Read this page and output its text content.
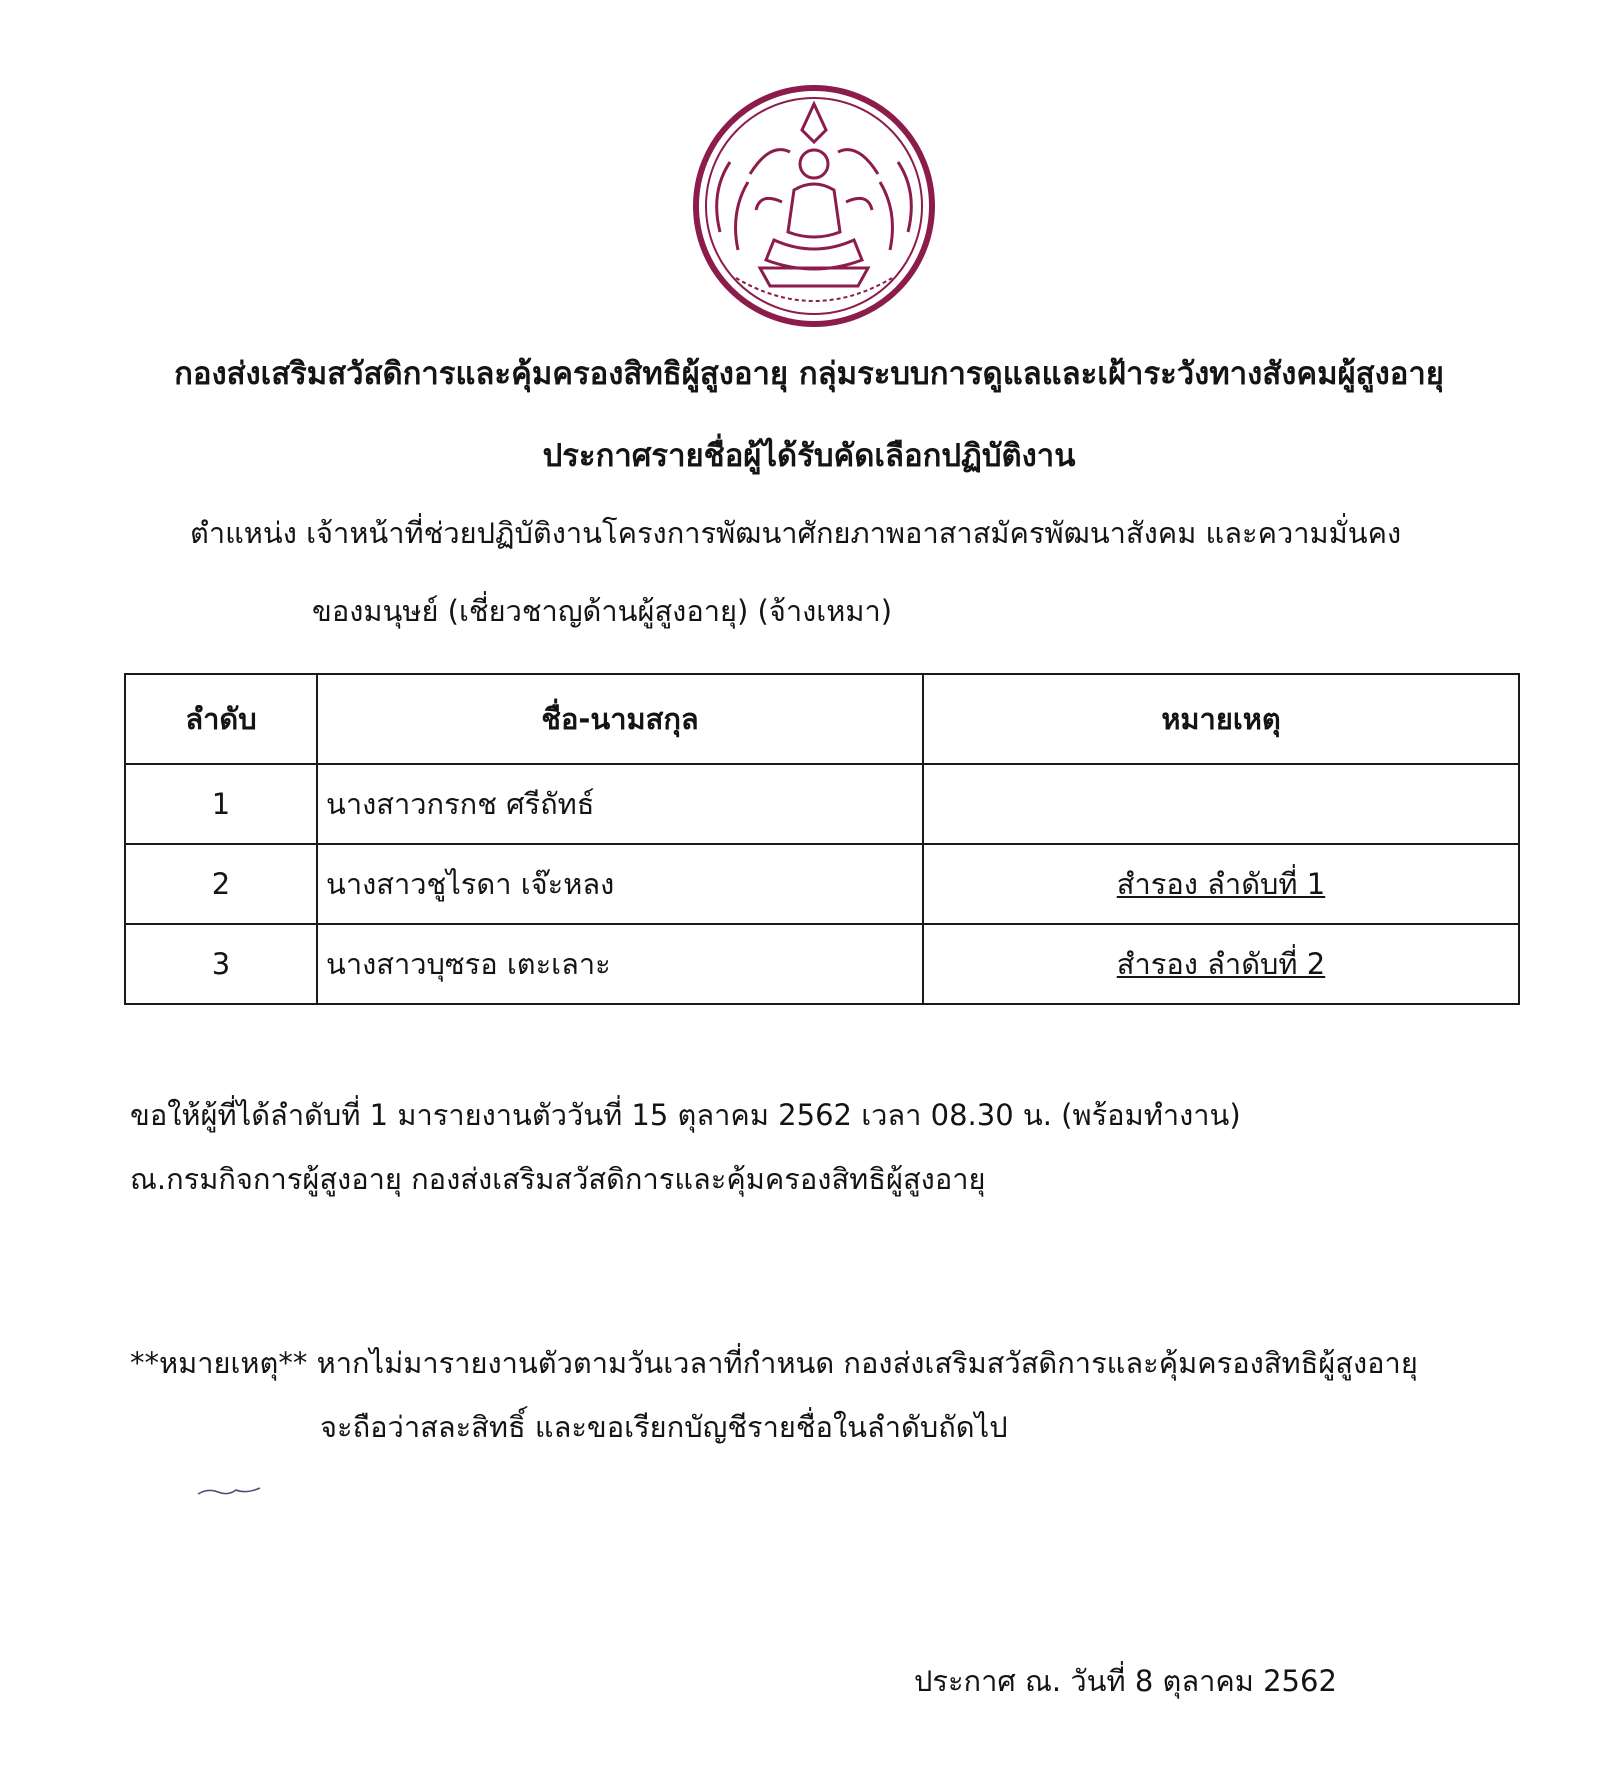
กองส่งเสริมสวัสดิการและคุ้มครองสิทธิผู้สูงอายุ กลุ่มระบบการดูแลและเฝ้าระวังทางสังคมผู้สูงอายุ
ประกาศรายชื่อผู้ได้รับคัดเลือกปฏิบัติงาน
ตำแหน่ง เจ้าหน้าที่ช่วยปฏิบัติงานโครงการพัฒนาศักยภาพอาสาสมัครพัฒนาสังคม และความมั่นคง
ของมนุษย์ (เชี่ยวชาญด้านผู้สูงอายุ) (จ้างเหมา)
ลำดับ	ชื่อ-นามสกุล	หมายเหตุ
1	นางสาวกรกช ศรีถัทธ์	
2	นางสาวชูไรดา เจ๊ะหลง	สำรอง ลำดับที่ 1
3	นางสาวบุซรอ เตะเลาะ	สำรอง ลำดับที่ 2
ขอให้ผู้ที่ได้ลำดับที่ 1 มารายงานตัววันที่ 15 ตุลาคม 2562 เวลา 08.30 น. (พร้อมทำงาน)
ณ.กรมกิจการผู้สูงอายุ กองส่งเสริมสวัสดิการและคุ้มครองสิทธิผู้สูงอายุ
**หมายเหตุ** หากไม่มารายงานตัวตามวันเวลาที่กำหนด กองส่งเสริมสวัสดิการและคุ้มครองสิทธิผู้สูงอายุ
จะถือว่าสละสิทธิ์ และขอเรียกบัญชีรายชื่อในลำดับถัดไป
ประกาศ ณ. วันที่ 8 ตุลาคม 2562
